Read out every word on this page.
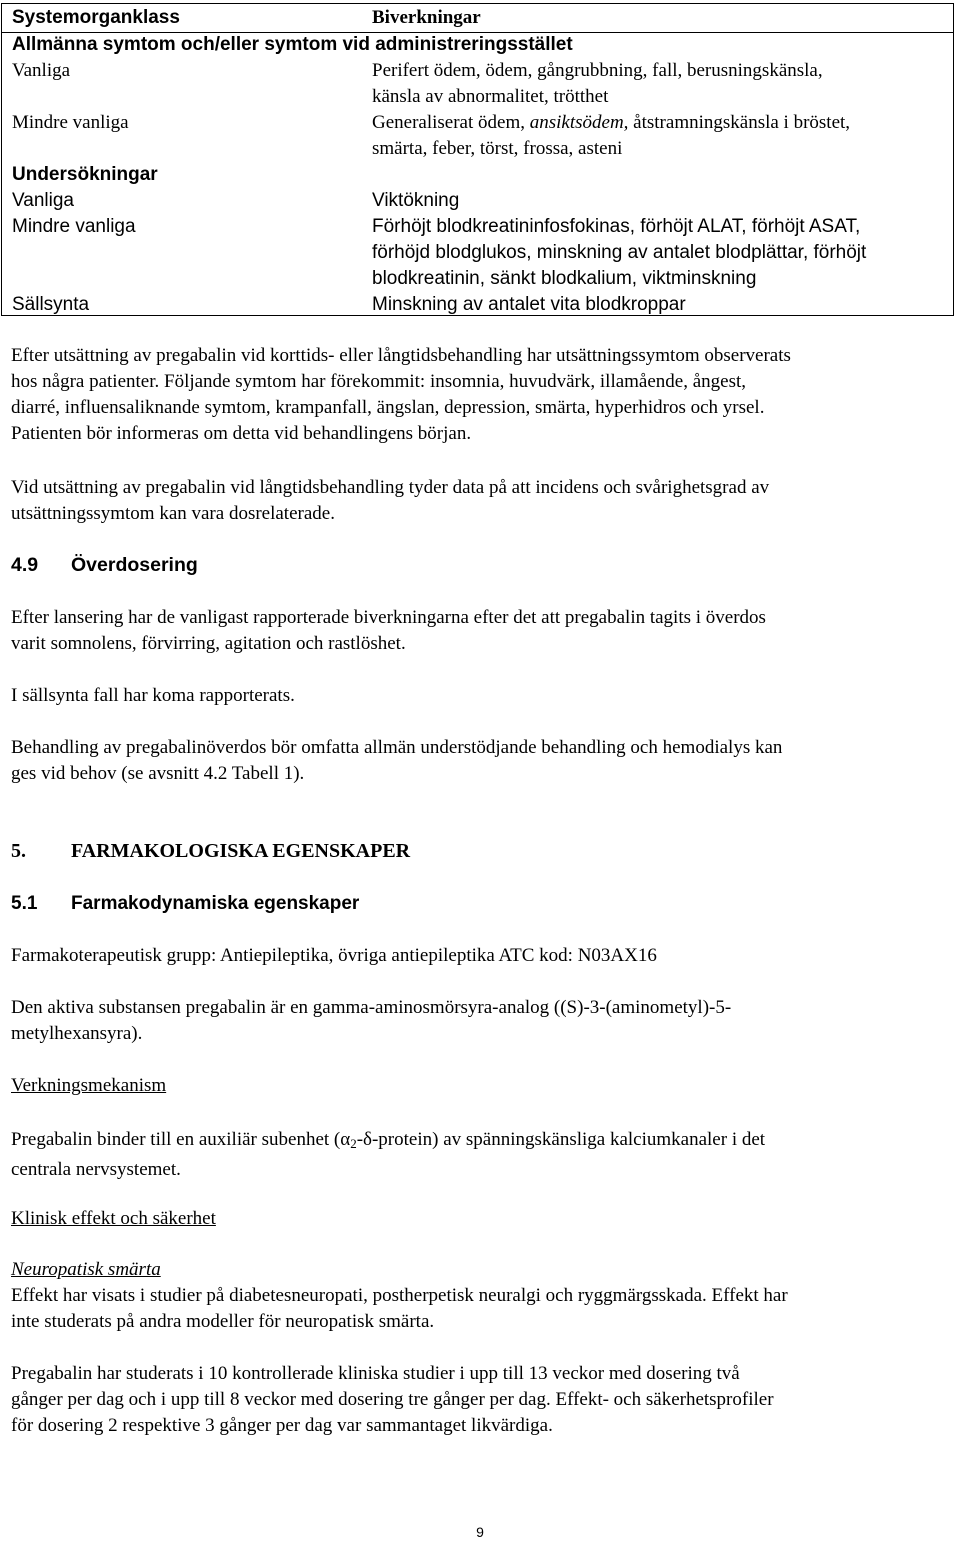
Systemorganklass	Biverkningar
Allmänna symtom och/eller symtom vid administreringsstället
Vanliga	Perifert ödem, ödem, gångrubbning, fall, berusningskänsla,
känsla av abnormalitet, trötthet
Mindre vanliga	Generaliserat ödem, ansiktsödem, åtstramningskänsla i bröstet,
smärta, feber, törst, frossa, asteni
Undersökningar
Vanliga	Viktökning
Mindre vanliga	Förhöjt blodkreatininfosfokinas, förhöjt ALAT, förhöjt ASAT,
förhöjd blodglukos, minskning av antalet blodplättar, förhöjt
blodkreatinin, sänkt blodkalium, viktminskning
Sällsynta	Minskning av antalet vita blodkroppar
Efter utsättning av pregabalin vid korttids- eller långtidsbehandling har utsättningssymtom observerats
hos några patienter. Följande symtom har förekommit: insomnia, huvudvärk, illamående, ångest,
diarré, influensaliknande symtom, krampanfall, ängslan, depression, smärta, hyperhidros och yrsel.
Patienten bör informeras om detta vid behandlingens början.
Vid utsättning av pregabalin vid långtidsbehandling tyder data på att incidens och svårighetsgrad av
utsättningssymtom kan vara dosrelaterade.
4.9 Överdosering
Efter lansering har de vanligast rapporterade biverkningarna efter det att pregabalin tagits i överdos
varit somnolens, förvirring, agitation och rastlöshet.
I sällsynta fall har koma rapporterats.
Behandling av pregabalinöverdos bör omfatta allmän understödjande behandling och hemodialys kan
ges vid behov (se avsnitt 4.2 Tabell 1).
5. FARMAKOLOGISKA EGENSKAPER
5.1 Farmakodynamiska egenskaper
Farmakoterapeutisk grupp: Antiepileptika, övriga antiepileptika ATC kod: N03AX16
Den aktiva substansen pregabalin är en gamma-aminosmörsyra-analog ((S)-3-(aminometyl)-5-
metylhexansyra).
Verkningsmekanism
Pregabalin binder till en auxiliär subenhet (α2-δ-protein) av spänningskänsliga kalciumkanaler i det
centrala nervsystemet.
Klinisk effekt och säkerhet
Neuropatisk smärta
Effekt har visats i studier på diabetesneuropati, postherpetisk neuralgi och ryggmärgsskada. Effekt har
inte studerats på andra modeller för neuropatisk smärta.
Pregabalin har studerats i 10 kontrollerade kliniska studier i upp till 13 veckor med dosering två
gånger per dag och i upp till 8 veckor med dosering tre gånger per dag. Effekt- och säkerhetsprofiler
för dosering 2 respektive 3 gånger per dag var sammantaget likvärdiga.
9
